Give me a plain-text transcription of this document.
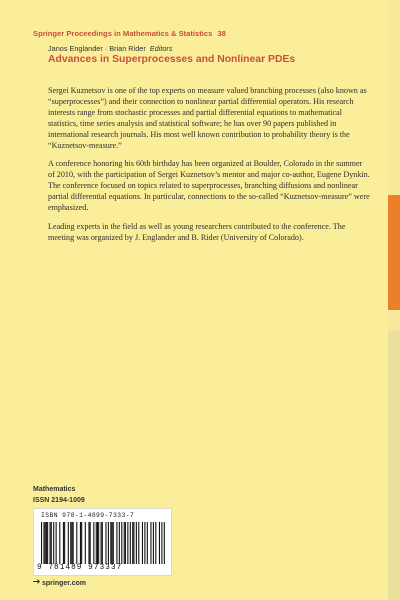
Springer Proceedings in Mathematics & Statistics 38
Janos Englander · Brian Rider Editors
Advances in Superprocesses and Nonlinear PDEs

Sergei Kuznetsov is one of the top experts on measure valued branching processes (also known as “superprocesses”) and their connection to nonlinear partial differential operators. His research interests range from stochastic processes and partial differential equations to mathematical statistics, time series analysis and statistical software; he has over 90 papers published in international research journals. His most well known contribution to probability theory is the “Kuznetsov-measure.”

A conference honoring his 60th birthday has been organized at Boulder, Colorado in the summer of 2010, with the participation of Sergei Kuznetsov’s mentor and major co-author, Eugene Dynkin. The conference focused on topics related to superprocesses, branching diffusions and nonlinear partial differential equations. In particular, connections to the so-called “Kuznetsov-measure” were emphasized.

Leading experts in the field as well as young researchers contributed to the conference. The meeting was organized by J. Englander and B. Rider (University of Colorado).

Mathematics
ISSN 2194-1009
ISBN 978-1-4899-7333-7
9 781489 973337
springer.com
